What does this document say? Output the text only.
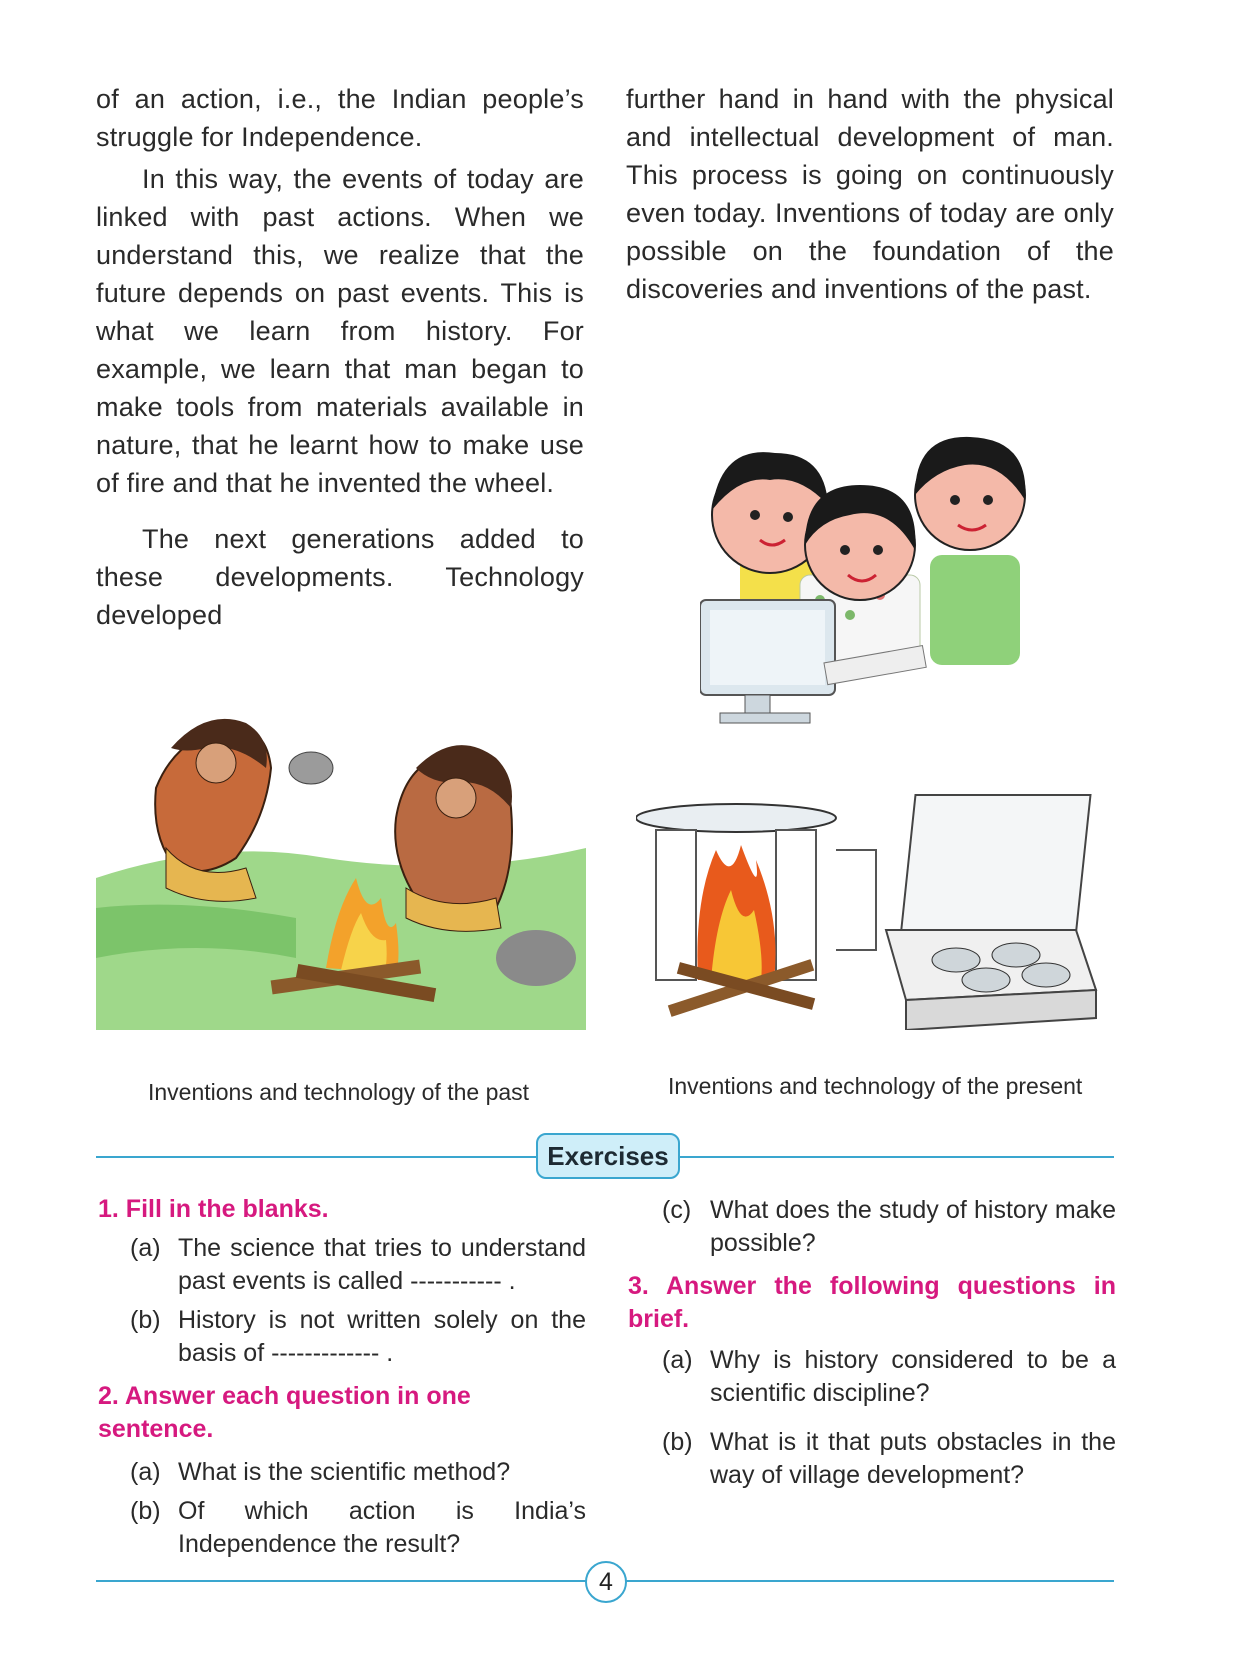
of an action, i.e., the Indian people’s struggle for Independence.

In this way, the events of today are linked with past actions. When we understand this, we realize that the future depends on past events. This is what we learn from history. For example, we learn that man began to make tools from materials available in nature, that he learnt how to make use of fire and that he invented the wheel.

The next generations added to these developments. Technology developed

further hand in hand with the physical and intellectual development of man. This process is going on continuously even today. Inventions of today are only possible on the foundation of the discoveries and inventions of the past.

Inventions and technology of the past	Inventions and technology of the present
Exercises
1. Fill in the blanks.
(a) The science that tries to understand past events is called ----------- .
(b) History is not written solely on the basis of ------------- .
2. Answer each question in one sentence.
(a) What is the scientific method?
(b) Of which action is India’s Independence the result?
(c) What does the study of history make possible?
3. Answer the following questions in brief.
(a) Why is history considered to be a scientific discipline?
(b) What is it that puts obstacles in the way of village development?
4
